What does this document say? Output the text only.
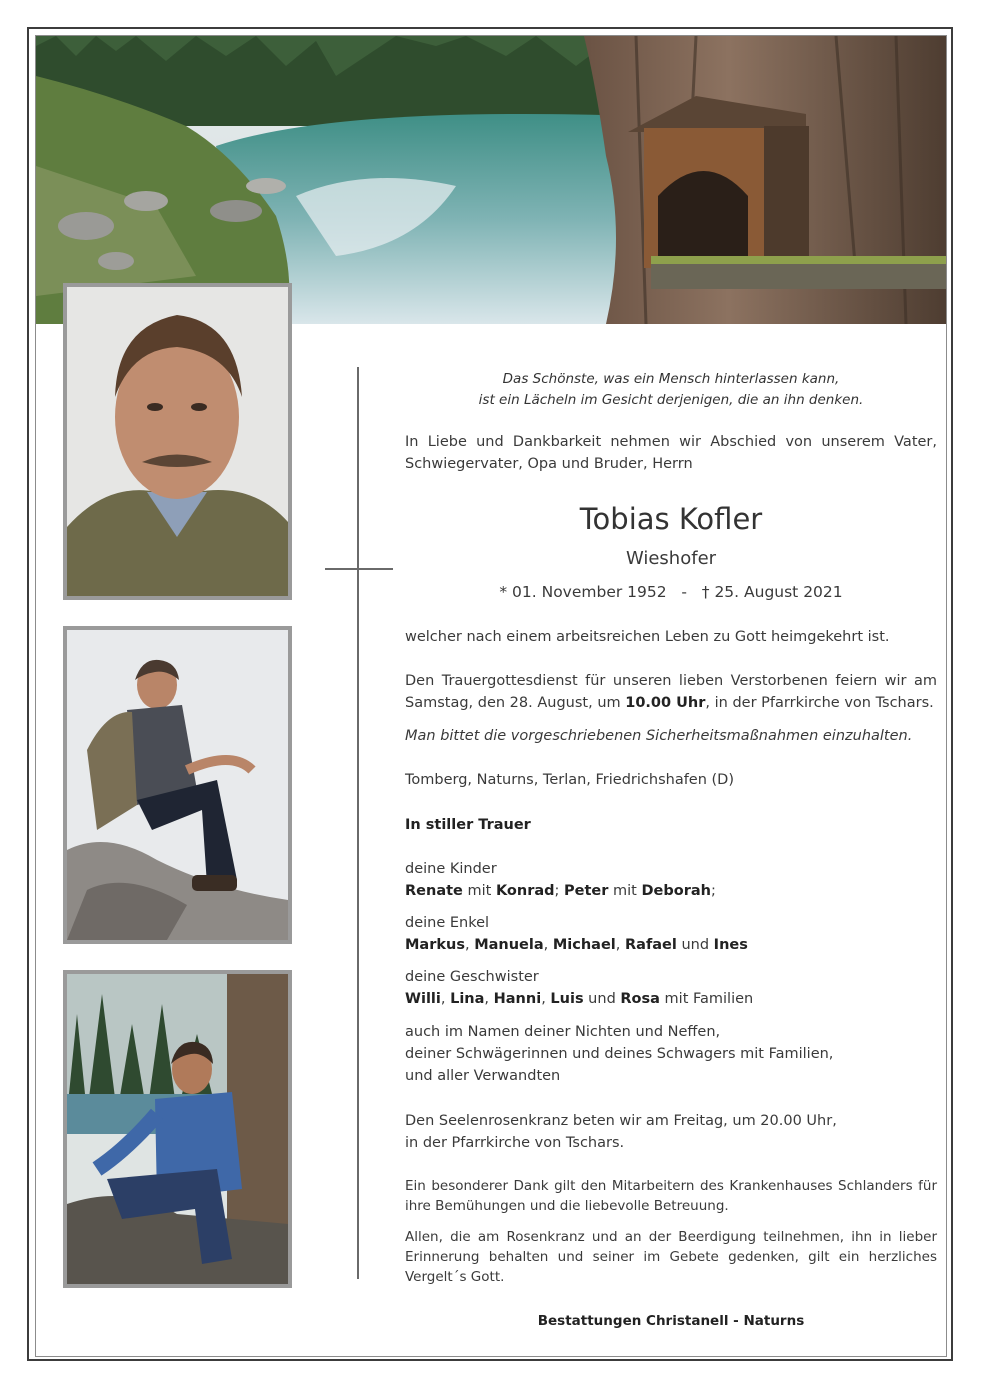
Das Schönste, was ein Mensch hinterlassen kann,
ist ein Lächeln im Gesicht derjenigen, die an ihn denken.

In Liebe und Dankbarkeit nehmen wir Abschied von unserem Vater, Schwiegervater, Opa und Bruder, Herrn

Tobias Kofler

Wieshofer

* 01. November 1952 - † 25. August 2021

welcher nach einem arbeitsreichen Leben zu Gott heimgekehrt ist.

Den Trauergottesdienst für unseren lieben Verstorbenen feiern wir am Samstag, den 28. August, um 10.00 Uhr, in der Pfarrkirche von Tschars.

Man bittet die vorgeschriebenen Sicherheitsmaßnahmen einzuhalten.

Tomberg, Naturns, Terlan, Friedrichshafen (D)

In stiller Trauer

deine Kinder
Renate mit Konrad; Peter mit Deborah;

deine Enkel
Markus, Manuela, Michael, Rafael und Ines

deine Geschwister
Willi, Lina, Hanni, Luis und Rosa mit Familien

auch im Namen deiner Nichten und Neffen,
deiner Schwägerinnen und deines Schwagers mit Familien,
und aller Verwandten

Den Seelenrosenkranz beten wir am Freitag, um 20.00 Uhr,
in der Pfarrkirche von Tschars.

Ein besonderer Dank gilt den Mitarbeitern des Krankenhauses Schlanders für ihre Bemühungen und die liebevolle Betreuung.

Allen, die am Rosenkranz und an der Beerdigung teilnehmen, ihn in lieber Erinnerung behalten und seiner im Gebete gedenken, gilt ein herzliches Vergelt´s Gott.

Bestattungen Christanell - Naturns
